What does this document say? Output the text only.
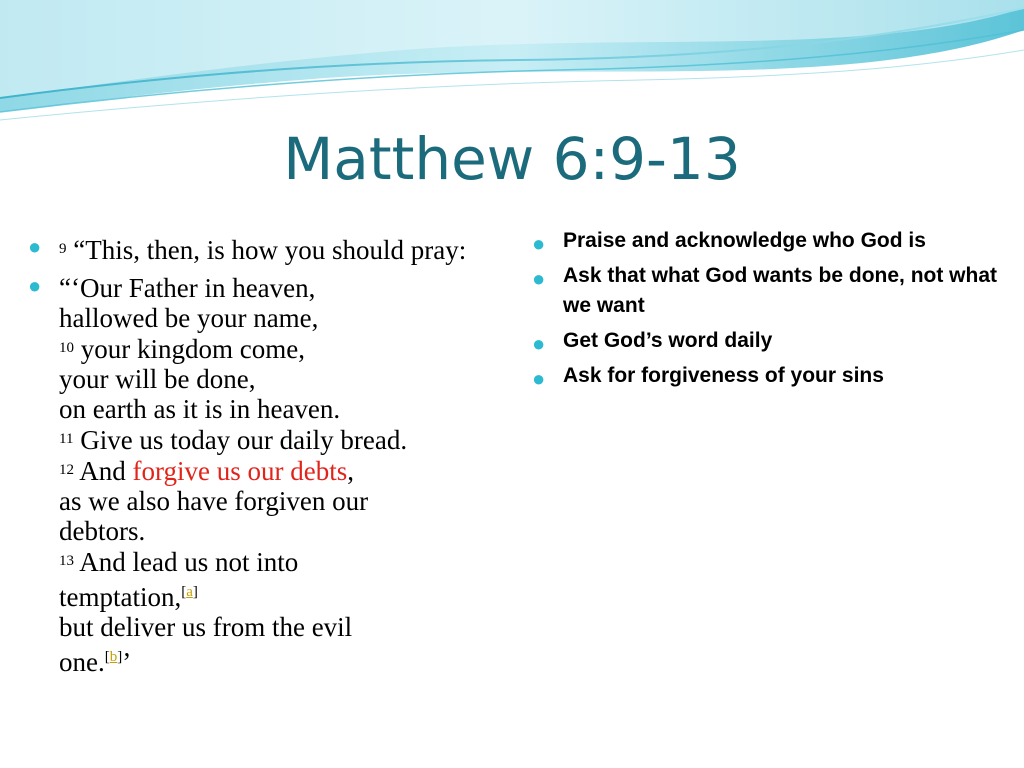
Matthew 6:9-13
● $^9$ “This, then, is how you should pray:
● “‘Our Father in heaven,
hallowed be your name,
$^{10}$ your kingdom come,
your will be done,
on earth as it is in heaven.
$^{11}$ Give us today our daily bread.
$^{12}$ And forgive us our debts,
as we also have forgiven our
debtors.
$^{13}$ And lead us not into
temptation,[a]
but deliver us from the evil
one.[b]’
● Praise and acknowledge who God is
● Ask that what God wants be done, not what we want
● Get God’s word daily
● Ask for forgiveness of your sins
